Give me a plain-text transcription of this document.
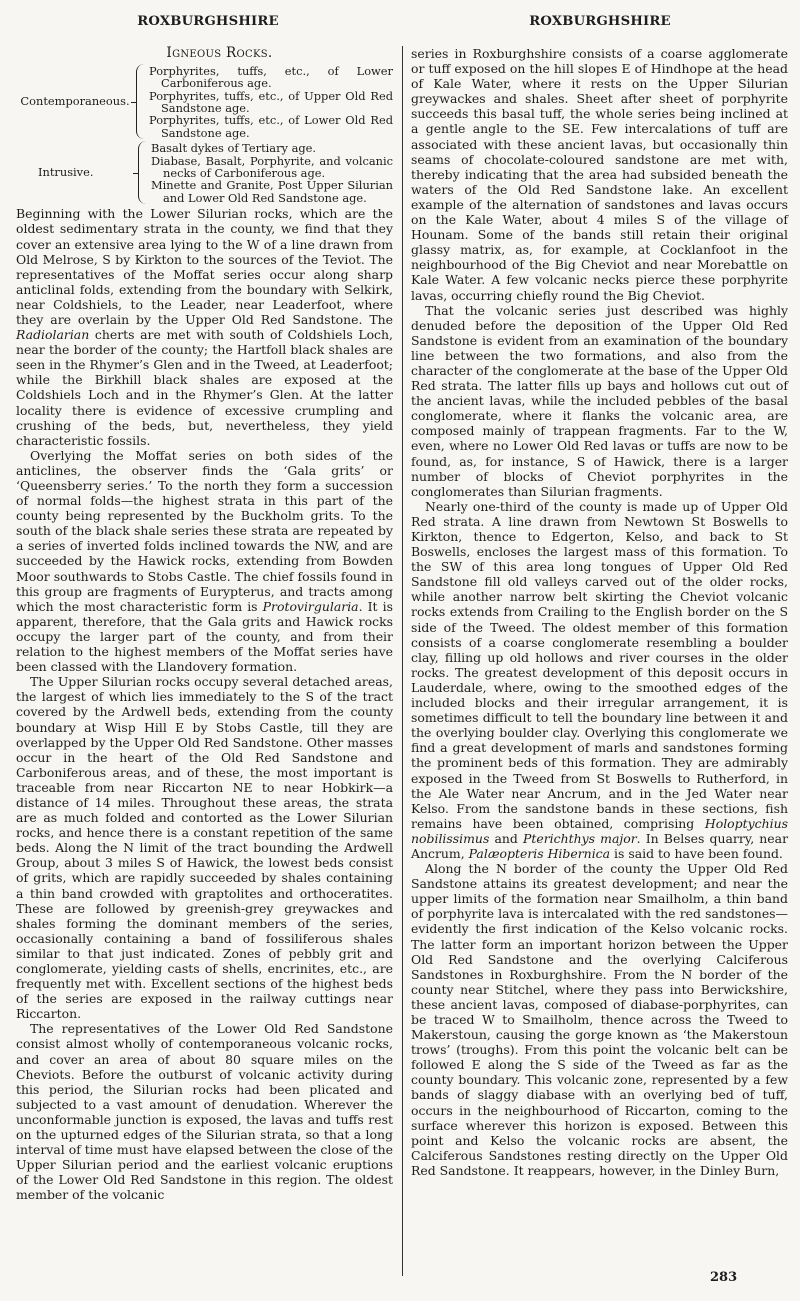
ROXBURGHSHIRE	ROXBURGHSHIRE
Igneous Rocks.
Contemporaneous.
Porphyrites, tuffs, etc., of Lower Carboniferous age.
Porphyrites, tuffs, etc., of Upper Old Red Sandstone age.
Porphyrites, tuffs, etc., of Lower Old Red Sandstone age.
Intrusive.
Basalt dykes of Tertiary age.
Diabase, Basalt, Porphyrite, and volcanic necks of Carboniferous age.
Minette and Granite, Post Upper Silurian and Lower Old Red Sandstone age.

Beginning with the Lower Silurian rocks, which are the oldest sedimentary strata in the county, we find that they cover an extensive area lying to the W of a line drawn from Old Melrose, S by Kirkton to the sources of the Teviot. The representatives of the Moffat series occur along sharp anticlinal folds, extending from the boundary with Selkirk, near Coldshiels, to the Leader, near Leaderfoot, where they are overlain by the Upper Old Red Sandstone. The Radiolarian cherts are met with south of Coldshiels Loch, near the border of the county; the Hartfoll black shales are seen in the Rhymer’s Glen and in the Tweed, at Leaderfoot; while the Birkhill black shales are exposed at the Coldshiels Loch and in the Rhymer’s Glen. At the latter locality there is evidence of excessive crumpling and crushing of the beds, but, nevertheless, they yield characteristic fossils.

Overlying the Moffat series on both sides of the anticlines, the observer finds the ‘Gala grits’ or ‘Queensberry series.’ To the north they form a succession of normal folds—the highest strata in this part of the county being represented by the Buckholm grits. To the south of the black shale series these strata are repeated by a series of inverted folds inclined towards the NW, and are succeeded by the Hawick rocks, extending from Bowden Moor southwards to Stobs Castle. The chief fossils found in this group are fragments of Eurypterus, and tracts among which the most characteristic form is Protovirgularia. It is apparent, therefore, that the Gala grits and Hawick rocks occupy the larger part of the county, and from their relation to the highest members of the Moffat series have been classed with the Llandovery formation.

The Upper Silurian rocks occupy several detached areas, the largest of which lies immediately to the S of the tract covered by the Ardwell beds, extending from the county boundary at Wisp Hill E by Stobs Castle, till they are overlapped by the Upper Old Red Sandstone. Other masses occur in the heart of the Old Red Sandstone and Carboniferous areas, and of these, the most important is traceable from near Riccarton NE to near Hobkirk—a distance of 14 miles. Throughout these areas, the strata are as much folded and contorted as the Lower Silurian rocks, and hence there is a constant repetition of the same beds. Along the N limit of the tract bounding the Ardwell Group, about 3 miles S of Hawick, the lowest beds consist of grits, which are rapidly succeeded by shales containing a thin band crowded with graptolites and orthoceratites. These are followed by greenish-grey greywackes and shales forming the dominant members of the series, occasionally containing a band of fossiliferous shales similar to that just indicated. Zones of pebbly grit and conglomerate, yielding casts of shells, encrinites, etc., are frequently met with. Excellent sections of the highest beds of the series are exposed in the railway cuttings near Riccarton.

The representatives of the Lower Old Red Sandstone consist almost wholly of contemporaneous volcanic rocks, and cover an area of about 80 square miles on the Cheviots. Before the outburst of volcanic activity during this period, the Silurian rocks had been plicated and subjected to a vast amount of denudation. Wherever the unconformable junction is exposed, the lavas and tuffs rest on the upturned edges of the Silurian strata, so that a long interval of time must have elapsed between the close of the Upper Silurian period and the earliest volcanic eruptions of the Lower Old Red Sandstone in this region. The oldest member of the volcanic

series in Roxburghshire consists of a coarse agglomerate or tuff exposed on the hill slopes E of Hindhope at the head of Kale Water, where it rests on the Upper Silurian greywackes and shales. Sheet after sheet of porphyrite succeeds this basal tuff, the whole series being inclined at a gentle angle to the SE. Few intercalations of tuff are associated with these ancient lavas, but occasionally thin seams of chocolate-coloured sandstone are met with, thereby indicating that the area had subsided beneath the waters of the Old Red Sandstone lake. An excellent example of the alternation of sandstones and lavas occurs on the Kale Water, about 4 miles S of the village of Hounam. Some of the bands still retain their original glassy matrix, as, for example, at Cocklanfoot in the neighbourhood of the Big Cheviot and near Morebattle on Kale Water. A few volcanic necks pierce these porphyrite lavas, occurring chiefly round the Big Cheviot.

That the volcanic series just described was highly denuded before the deposition of the Upper Old Red Sandstone is evident from an examination of the boundary line between the two formations, and also from the character of the conglomerate at the base of the Upper Old Red strata. The latter fills up bays and hollows cut out of the ancient lavas, while the included pebbles of the basal conglomerate, where it flanks the volcanic area, are composed mainly of trappean fragments. Far to the W, even, where no Lower Old Red lavas or tuffs are now to be found, as, for instance, S of Hawick, there is a larger number of blocks of Cheviot porphyrites in the conglomerates than Silurian fragments.

Nearly one-third of the county is made up of Upper Old Red strata. A line drawn from Newtown St Boswells to Kirkton, thence to Edgerton, Kelso, and back to St Boswells, encloses the largest mass of this formation. To the SW of this area long tongues of Upper Old Red Sandstone fill old valleys carved out of the older rocks, while another narrow belt skirting the Cheviot volcanic rocks extends from Crailing to the English border on the S side of the Tweed. The oldest member of this formation consists of a coarse conglomerate resembling a boulder clay, filling up old hollows and river courses in the older rocks. The greatest development of this deposit occurs in Lauderdale, where, owing to the smoothed edges of the included blocks and their irregular arrangement, it is sometimes difficult to tell the boundary line between it and the overlying boulder clay. Overlying this conglomerate we find a great development of marls and sandstones forming the prominent beds of this formation. They are admirably exposed in the Tweed from St Boswells to Rutherford, in the Ale Water near Ancrum, and in the Jed Water near Kelso. From the sandstone bands in these sections, fish remains have been obtained, comprising Holoptychius nobilissimus and Pterichthys major. In Belses quarry, near Ancrum, Palæopteris Hibernica is said to have been found.

Along the N border of the county the Upper Old Red Sandstone attains its greatest development; and near the upper limits of the formation near Smailholm, a thin band of porphyrite lava is intercalated with the red sandstones—evidently the first indication of the Kelso volcanic rocks. The latter form an important horizon between the Upper Old Red Sandstone and the overlying Calciferous Sandstones in Roxburghshire. From the N border of the county near Stitchel, where they pass into Berwickshire, these ancient lavas, composed of diabase-porphyrites, can be traced W to Smailholm, thence across the Tweed to Makerstoun, causing the gorge known as ‘the Makerstoun trows’ (troughs). From this point the volcanic belt can be followed E along the S side of the Tweed as far as the county boundary. This volcanic zone, represented by a few bands of slaggy diabase with an overlying bed of tuff, occurs in the neighbourhood of Riccarton, coming to the surface wherever this horizon is exposed. Between this point and Kelso the volcanic rocks are absent, the Calciferous Sandstones resting directly on the Upper Old Red Sandstone. It reappears, however, in the Dinley Burn,

283
